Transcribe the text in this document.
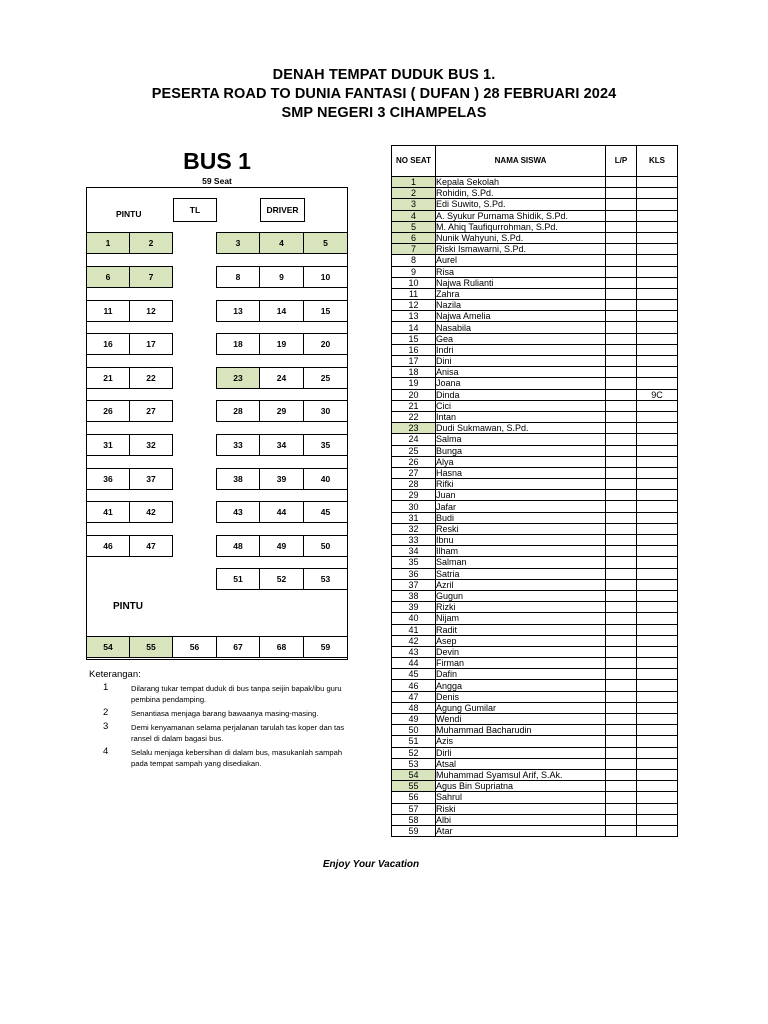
DENAH TEMPAT DUDUK BUS 1.
PESERTA ROAD TO DUNIA FANTASI ( DUFAN ) 28 FEBRUARI 2024
SMP NEGERI 3 CIHAMPELAS
BUS 1
59 Seat
PINTU	TL	DRIVER
1	2	3	4	5
6	7	8	9	10
11	12	13	14	15
16	17	18	19	20
21	22	23	24	25
26	27	28	29	30
31	32	33	34	35
36	37	38	39	40
41	42	43	44	45
46	47	48	49	50
51	52	53
PINTU
54	55	56	67	68	59
Keterangan:
1	Dilarang tukar tempat duduk di bus tanpa seijin bapak/ibu guru pembina pendamping.
2	Senantiasa menjaga barang bawaanya masing-masing.
3	Demi kenyamanan selama perjalanan tarulah tas koper dan tas ransel di dalam bagasi bus.
4	Selalu menjaga kebersihan di dalam bus, masukanlah sampah pada tempat sampah yang disediakan.
Enjoy Your Vacation
NO SEAT	NAMA SISWA	L/P	KLS
1	Kepala Sekolah		
2	Rohidin, S.Pd.		
3	Edi Suwito, S.Pd.		
4	A. Syukur Purnama Shidik, S.Pd.		
5	M. Ahiq Taufiqurrohman, S.Pd.		
6	Nunik Wahyuni, S.Pd.		
7	Riski Ismawarni, S.Pd.		
8	Aurel		
9	Risa		
10	Najwa Rulianti		
11	Zahra		
12	Nazila		
13	Najwa Amelia		
14	Nasabila		
15	Gea		
16	Indri		
17	Dini		
18	Anisa		
19	Joana		
20	Dinda		9C
21	Cici		
22	Intan		
23	Dudi Sukmawan, S.Pd.		
24	Salma		
25	Bunga		
26	Alya		
27	Hasna		
28	Rifki		
29	Juan		
30	Jafar		
31	Budi		
32	Reski		
33	Ibnu		
34	Ilham		
35	Salman		
36	Satria		
37	Azril		
38	Gugun		
39	Rizki		
40	Nijam		
41	Radit		
42	Asep		
43	Devin		
44	Firman		
45	Dafin		
46	Angga		
47	Denis		
48	Agung Gumilar		
49	Wendi		
50	Muhammad Bacharudin		
51	Azis		
52	Dirli		
53	Atsal		
54	Muhammad Syamsul Arif, S.Ak.		
55	Agus Bin Supriatna		
56	Sahrul		
57	Riski		
58	Albi		
59	Atar		
